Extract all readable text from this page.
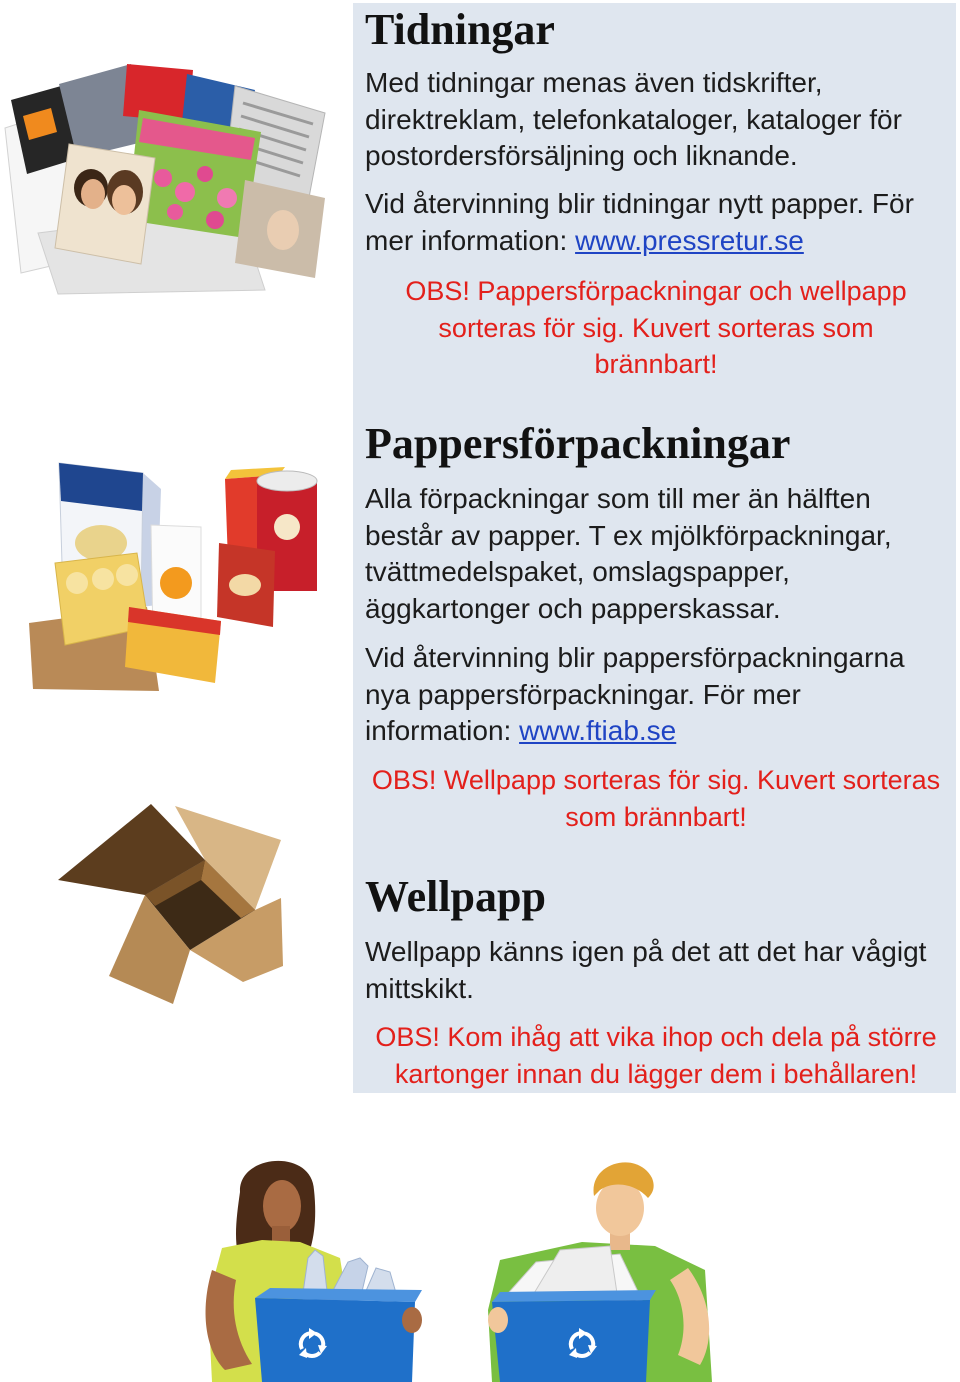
Tidningar

Med tidningar menas även tidskrifter,
direktreklam, telefonkataloger, kataloger för
postordersförsäljning och liknande.

Vid återvinning blir tidningar nytt papper. För
mer information: www.pressretur.se

OBS! Pappersförpackningar och wellpapp
sorteras för sig. Kuvert sorteras som
brännbart!

Pappersförpackningar

Alla förpackningar som till mer än hälften
består av papper. T ex mjölkförpackningar,
tvättmedelspaket, omslagspapper,
äggkartonger och papperskassar.

Vid återvinning blir pappersförpackningarna
nya pappersförpackningar. För mer
information: www.ftiab.se

OBS! Wellpapp sorteras för sig. Kuvert sorteras
som brännbart!

Wellpapp

Wellpapp känns igen på det att det har vågigt
mittskikt.

OBS! Kom ihåg att vika ihop och dela på större
kartonger innan du lägger dem i behållaren!
